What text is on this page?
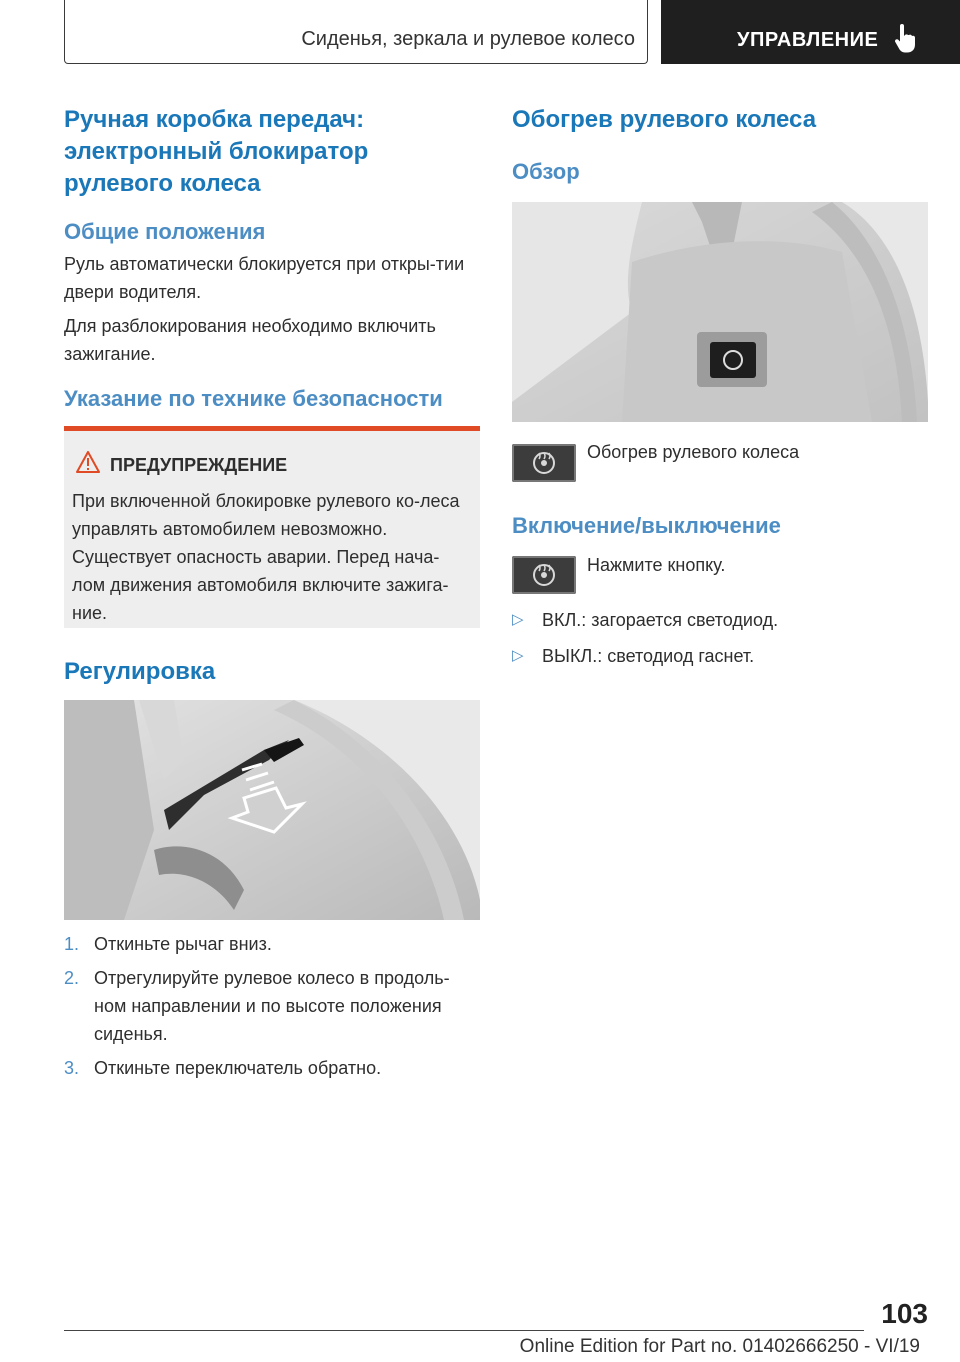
Сиденья, зеркала и рулевое колесо	УПРАВЛЕНИЕ
Ручная коробка передач: электронный блокиратор рулевого колеса
Общие положения

Руль автоматически блокируется при откры-тии двери водителя.

Для разблокирования необходимо включить зажигание.

Указание по технике безопасности
ПРЕДУПРЕЖДЕНИЕ

При включенной блокировке рулевого ко-леса управлять автомобилем невозможно. Существует опасность аварии. Перед нача-лом движения автомобиля включите зажига-ние.

Регулировка
1. Откиньте рычаг вниз.
2. Отрегулируйте рулевое колесо в продоль-ном направлении и по высоте положения сиденья.
3. Откиньте переключатель обратно.
Обогрев рулевого колеса
Обзор

Обогрев рулевого колеса

Включение/выключение

Нажмите кнопку.

▷ ВКЛ.: загорается светодиод.
▷ ВЫКЛ.: светодиод гаснет.
103
Online Edition for Part no. 01402666250 - VI/19
